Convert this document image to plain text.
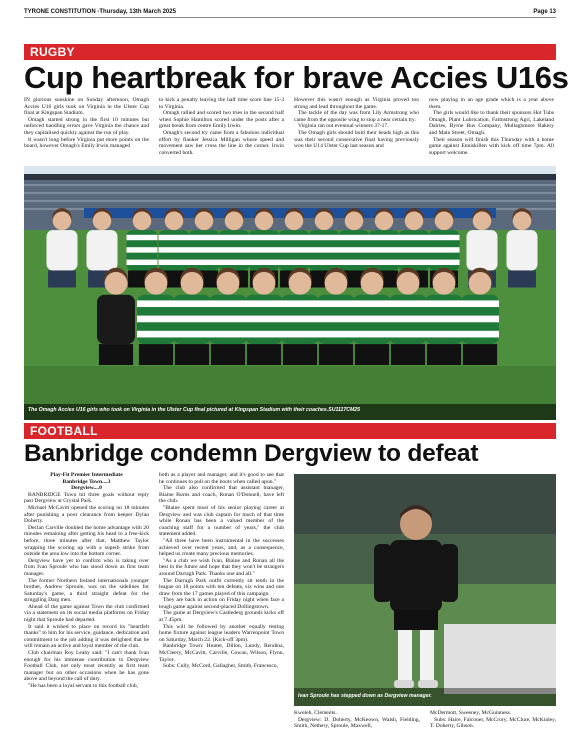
TYRONE CONSTITUTION -Thursday, 13th March 2025	Page 13
RUGBY
Cup heartbreak for brave Accies U16s

IN glorious sunshine on Sunday afternoon, Omagh Accies U16 girls took on Virginia in the Ulster Cup final at Kingspan Stadium.

Omagh started strong in the first 10 minutes but unforced handling errors gave Virginia the chance and they capitalised quickly against the run of play.

It wasn't long before Virginia put more points on the board, however Omagh's Emily Irwin managed

to kick a penalty leaving the half time score line 15-3 to Virginia.

Omagh rallied and scored two tries in the second half when Sophie Hamilton scored under the posts after a great break from centre Emily Irwin.

Omagh's second try came from a fabulous individual effort by flanker Jessica Milligan whose speed and movement saw her cross the line in the corner. Irwin converted both.

However this wasn't enough as Virginia proved too strong and lead throughout the game.

The tackle of the day was from Lily Armstrong who came from the opposite wing to stop a near certain try.

Virginia ran out eventual winners 37-17.

The Omagh girls should hold their heads high as this was their second consecutive final having previously won the U14 Ulster Cup last season and

now playing in an age grade which is a year above them.

The girls would like to thank their sponsors Hot Tubs Omagh, Plant Lubrication, Farmstrong Agri, Lakeland Dairies, Byrne Bus Company, Mullaghmore Bakery and Main Street, Omagh.

Their season will finish this Thursday with a home game against Enniskillen with kick off time 7pm. All support welcome.

The Omagh Accies U16 girls who took on Virginia in the Ulster Cup final pictured at Kingspan Stadium with their coaches.SU1117CM25
FOOTBALL
Banbridge condemn Dergview to defeat

Play-Fit Premier Intermediate

Banbridge Town....3

Dergview....0

BANBRIDGE Town hit three goals without reply past Dergview at Crystal Park.

Michael McCavitt opened the scoring on 18 minutes after punishing a poor clearance from keeper Dylan Doherty.

Declan Carville doubled the home advantage with 20 minutes remaining after getting his head to a free-kick before, three minutes after that, Matthew Taylor wrapping the scoring up with a superb strike from outside the area low into the bottom corner.

Dergview have yet to confirm who is taking over from Ivan Sproule who has stood down as first team manager.

The former Northern Ireland internationals younger brother, Andrew Sproule, was on the sidelines for Saturday's game, a third straight defeat for the struggling Darg men.

Ahead of the game against Town the club confirmed via a statement on its social media platforms on Friday night that Sproule had departed.

It said it wished to place on record its "heartfelt thanks" to him for his service, guidance, dedication and commitment to the job adding it was delighted that he will remain an active and loyal member of the club.

Club chairman Roy Leahy said: "I can't thank Ivan enough for his immense contribution to Dergview Football Club, not only most recently as first team manager but on other occasions when he has gone above and beyond the call of duty.

"He has been a loyal servant to this football club,

both as a player and manager, and it's good to see that he continues to pull on the boots when called upon."

The club also confirmed that assistant manager, Blaine Burns and coach, Ronan O'Donnell, have left the club.

"Blaine spent most of his senior playing career at Dergview and was club captain for much of that time while Ronan has been a valued member of the coaching staff for a number of years," the club statement added.

"All three have been instrumental in the successes achieved over recent years, and, as a consequence, helped us create many precious memories.

"As a club we wish Ivan, Blaine and Ronan all the best in the future and hope that they won't be strangers around Darragh Park. Thanks one and all."

The Darragh Park outfit currently sit tenth in the league on 18 points with ten defeats, six wins and one draw from the 17 games played of this campaign.

They are back in action on Friday night when face a tough game against second-placed Dollingstown.

The game at Dergview's Castlederg grounds kicks off at 7.45pm.

This will be followed by another equally testing home fixture against league leaders Warrenpoint Town on Saturday, March 22. (Kick-off 3pm).

Banbridge Town: Hunter, Dillon, Lundy, Rendina, McCleery, McCavitt, Carville, Cowan, Wilson, Flynn, Taylor.

Subs: Cully, McCord, Gallagher, Smith, Francesco,

Ivan Sproule has stepped down as Dergview manager.

Kweleh, Clements.

Dergview: D. Doherty, McKeown, Walsh, Fielding, Smith, Nethery, Sproule, Maxwell,

McDermott, Sweeney, McGuinness.

Subs: Haire, Falconer, McCrory, McClure, McKinley, T. Doherty, Gibson.
